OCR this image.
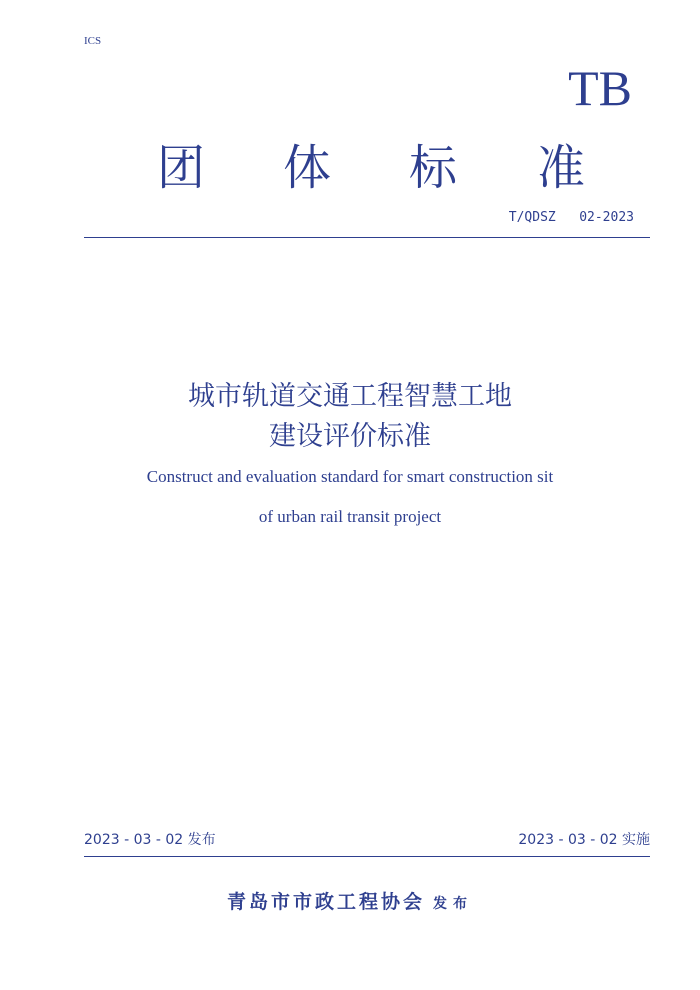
ICS
TB
团 体 标 准
T/QDSZ   02-2023
城市轨道交通工程智慧工地
建设评价标准
Construct and evaluation standard for smart construction sit
of urban rail transit project
2023 - 03 - 02 发布	2023 - 03 - 02 实施
青岛市市政工程协会 发布
